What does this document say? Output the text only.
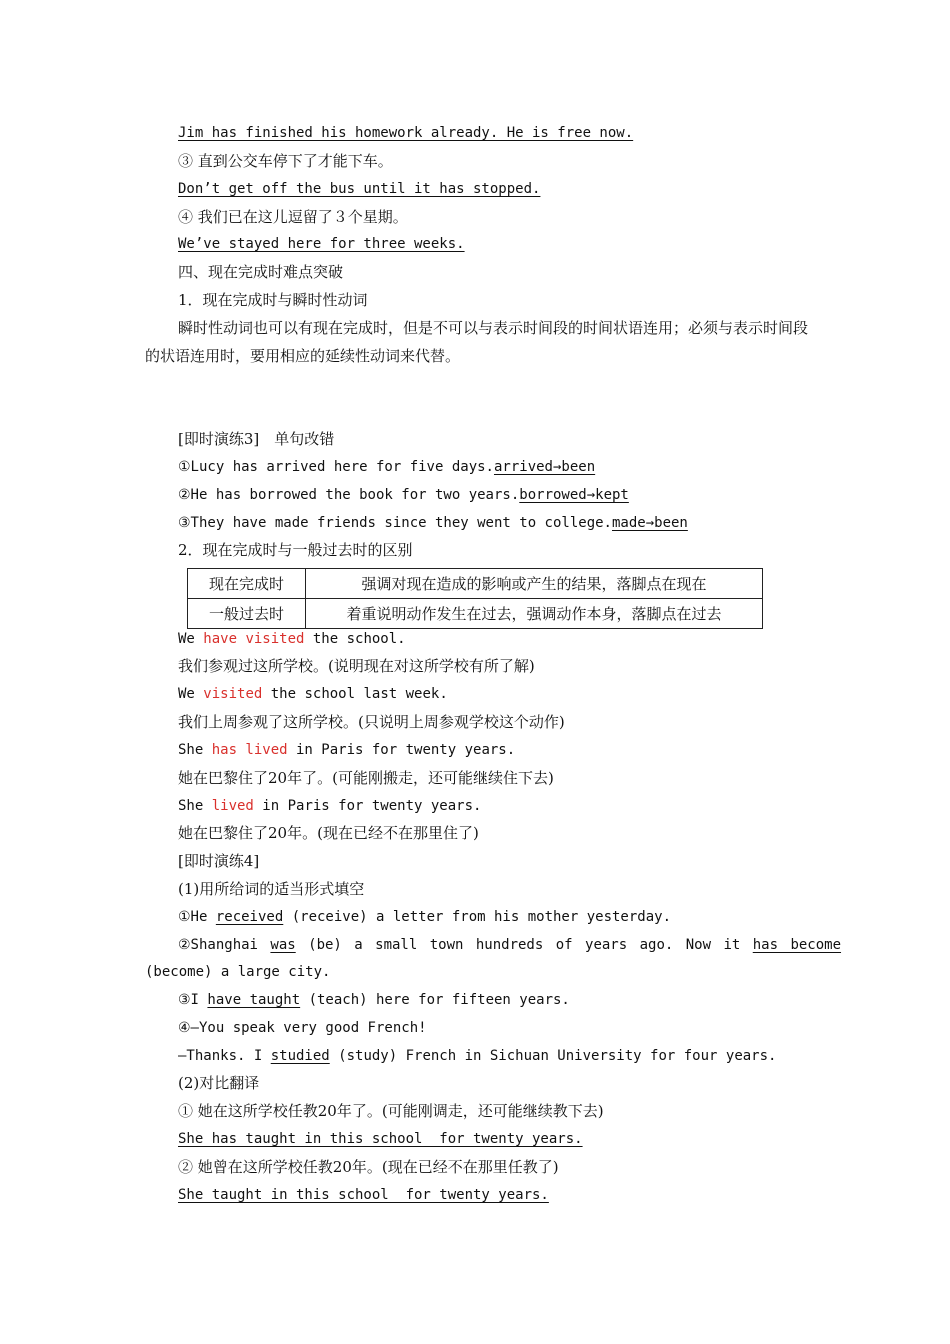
Jim has finished his homework already. He is free now.
③ 直到公交车停下了才能下车。
Don’t get off the bus until it has stopped.
④ 我们已在这儿逗留了３个星期。
We’ve stayed here for three weeks.
四、现在完成时难点突破
1．现在完成时与瞬时性动词
瞬时性动词也可以有现在完成时，但是不可以与表示时间段的时间状语连用；必须与表示时间段的状语连用时，要用相应的延续性动词来代替。
[即时演练3]　单句改错
①Lucy has arrived here for five days.arrived→been
②He has borrowed the book for two years.borrowed→kept
③They have made friends since they went to college.made→been
2．现在完成时与一般过去时的区别
现在完成时	强调对现在造成的影响或产生的结果，落脚点在现在
一般过去时	着重说明动作发生在过去，强调动作本身，落脚点在过去
We have visited the school.
我们参观过这所学校。(说明现在对这所学校有所了解)
We visited the school last week.
我们上周参观了这所学校。(只说明上周参观学校这个动作)
She has lived in Paris for twenty years.
她在巴黎住了20年了。(可能刚搬走，还可能继续住下去)
She lived in Paris for twenty years.
她在巴黎住了20年。(现在已经不在那里住了)
[即时演练4]
(1)用所给词的适当形式填空
①He received (receive) a letter from his mother yesterday.
②Shanghai was (be) a small town hundreds of years ago. Now it has become
(become) a large city.
③I have taught (teach) here for fifteen years.
④—You speak very good French!
—Thanks. I studied (study) French in Sichuan University for four years.
(2)对比翻译
① 她在这所学校任教20年了。(可能刚调走，还可能继续教下去)
She has taught in this school  for twenty years.
② 她曾在这所学校任教20年。(现在已经不在那里任教了)
She taught in this school  for twenty years.
